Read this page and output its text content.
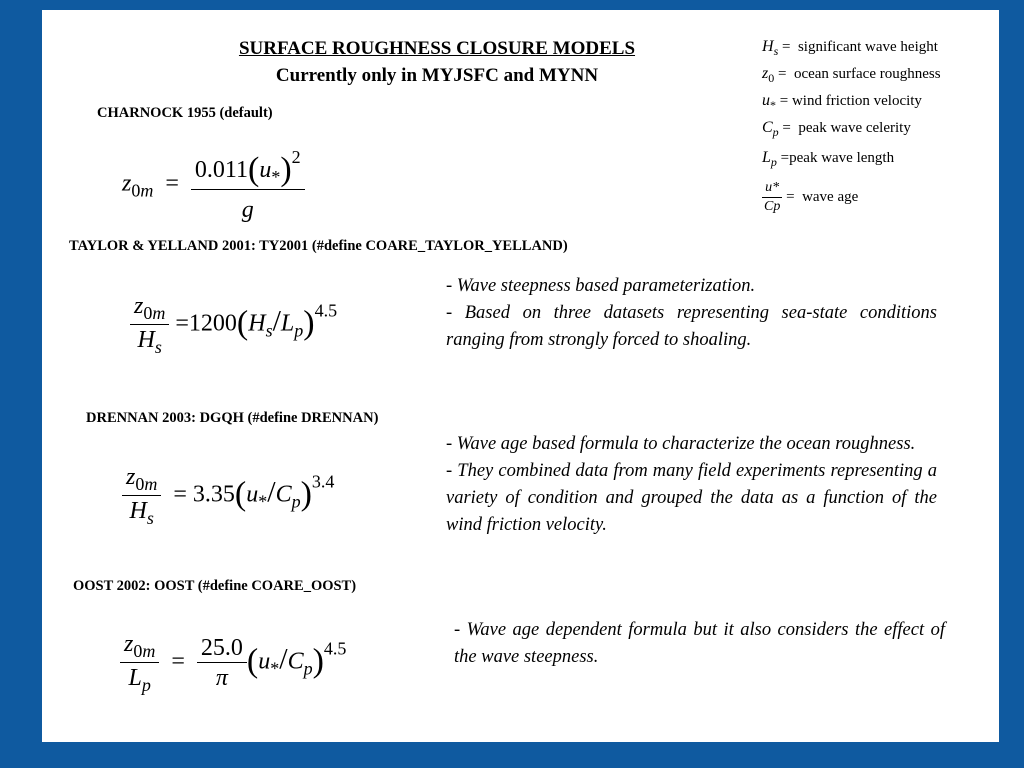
SURFACE ROUGHNESS CLOSURE MODELS
Currently only in MYJSFC and MYNN
$H_s$ = significant wave height
$z_0$ = ocean surface roughness
$u_*$ = wind friction velocity
$C_p$ = peak wave celerity
$L_p$ =peak wave length
$\frac{u*}{Cp}$ = wave age
CHARNOCK 1955 (default)
$z_{0m} = \frac{0.011(u_*)^2}{g}$
TAYLOR & YELLAND 2001: TY2001 (#define COARE_TAYLOR_YELLAND)
$\frac{z_{0m}}{H_s} =1200(H_s/L_p)^{4.5}$
- Wave steepness based parameterization.
- Based on three datasets representing sea-state conditions ranging from strongly forced to shoaling.
DRENNAN 2003: DGQH (#define DRENNAN)
$\frac{z_{0m}}{H_s} = 3.35(u_*/C_p)^{3.4}$
- Wave age based formula to characterize the ocean roughness.
- They combined data from many field experiments representing a variety of condition and grouped the data as a function of the wind friction velocity.
OOST 2002: OOST (#define COARE_OOST)
$\frac{z_{0m}}{L_p} = \frac{25.0}{\pi} (u_*/C_p)^{4.5}$
- Wave age dependent formula but it also considers the effect of the wave steepness.
